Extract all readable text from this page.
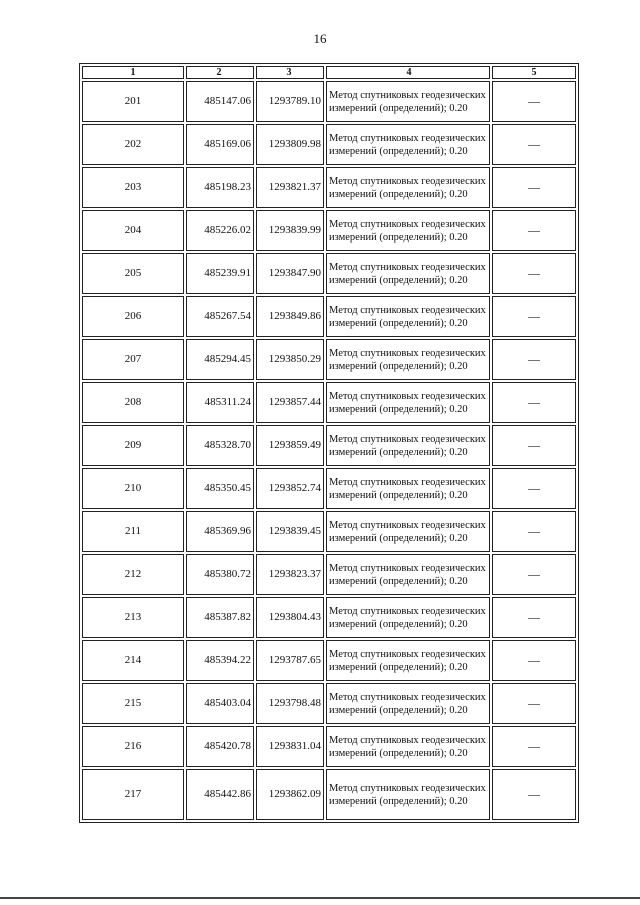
16
1	2	3	4	5
201	485147.06	1293789.10	Метод спутниковых геодезических измерений (определений); 0.20	—
202	485169.06	1293809.98	Метод спутниковых геодезических измерений (определений); 0.20	—
203	485198.23	1293821.37	Метод спутниковых геодезических измерений (определений); 0.20	—
204	485226.02	1293839.99	Метод спутниковых геодезических измерений (определений); 0.20	—
205	485239.91	1293847.90	Метод спутниковых геодезических измерений (определений); 0.20	—
206	485267.54	1293849.86	Метод спутниковых геодезических измерений (определений); 0.20	—
207	485294.45	1293850.29	Метод спутниковых геодезических измерений (определений); 0.20	—
208	485311.24	1293857.44	Метод спутниковых геодезических измерений (определений); 0.20	—
209	485328.70	1293859.49	Метод спутниковых геодезических измерений (определений); 0.20	—
210	485350.45	1293852.74	Метод спутниковых геодезических измерений (определений); 0.20	—
211	485369.96	1293839.45	Метод спутниковых геодезических измерений (определений); 0.20	—
212	485380.72	1293823.37	Метод спутниковых геодезических измерений (определений); 0.20	—
213	485387.82	1293804.43	Метод спутниковых геодезических измерений (определений); 0.20	—
214	485394.22	1293787.65	Метод спутниковых геодезических измерений (определений); 0.20	—
215	485403.04	1293798.48	Метод спутниковых геодезических измерений (определений); 0.20	—
216	485420.78	1293831.04	Метод спутниковых геодезических измерений (определений); 0.20	—
217	485442.86	1293862.09	Метод спутниковых геодезических измерений (определений); 0.20	—
